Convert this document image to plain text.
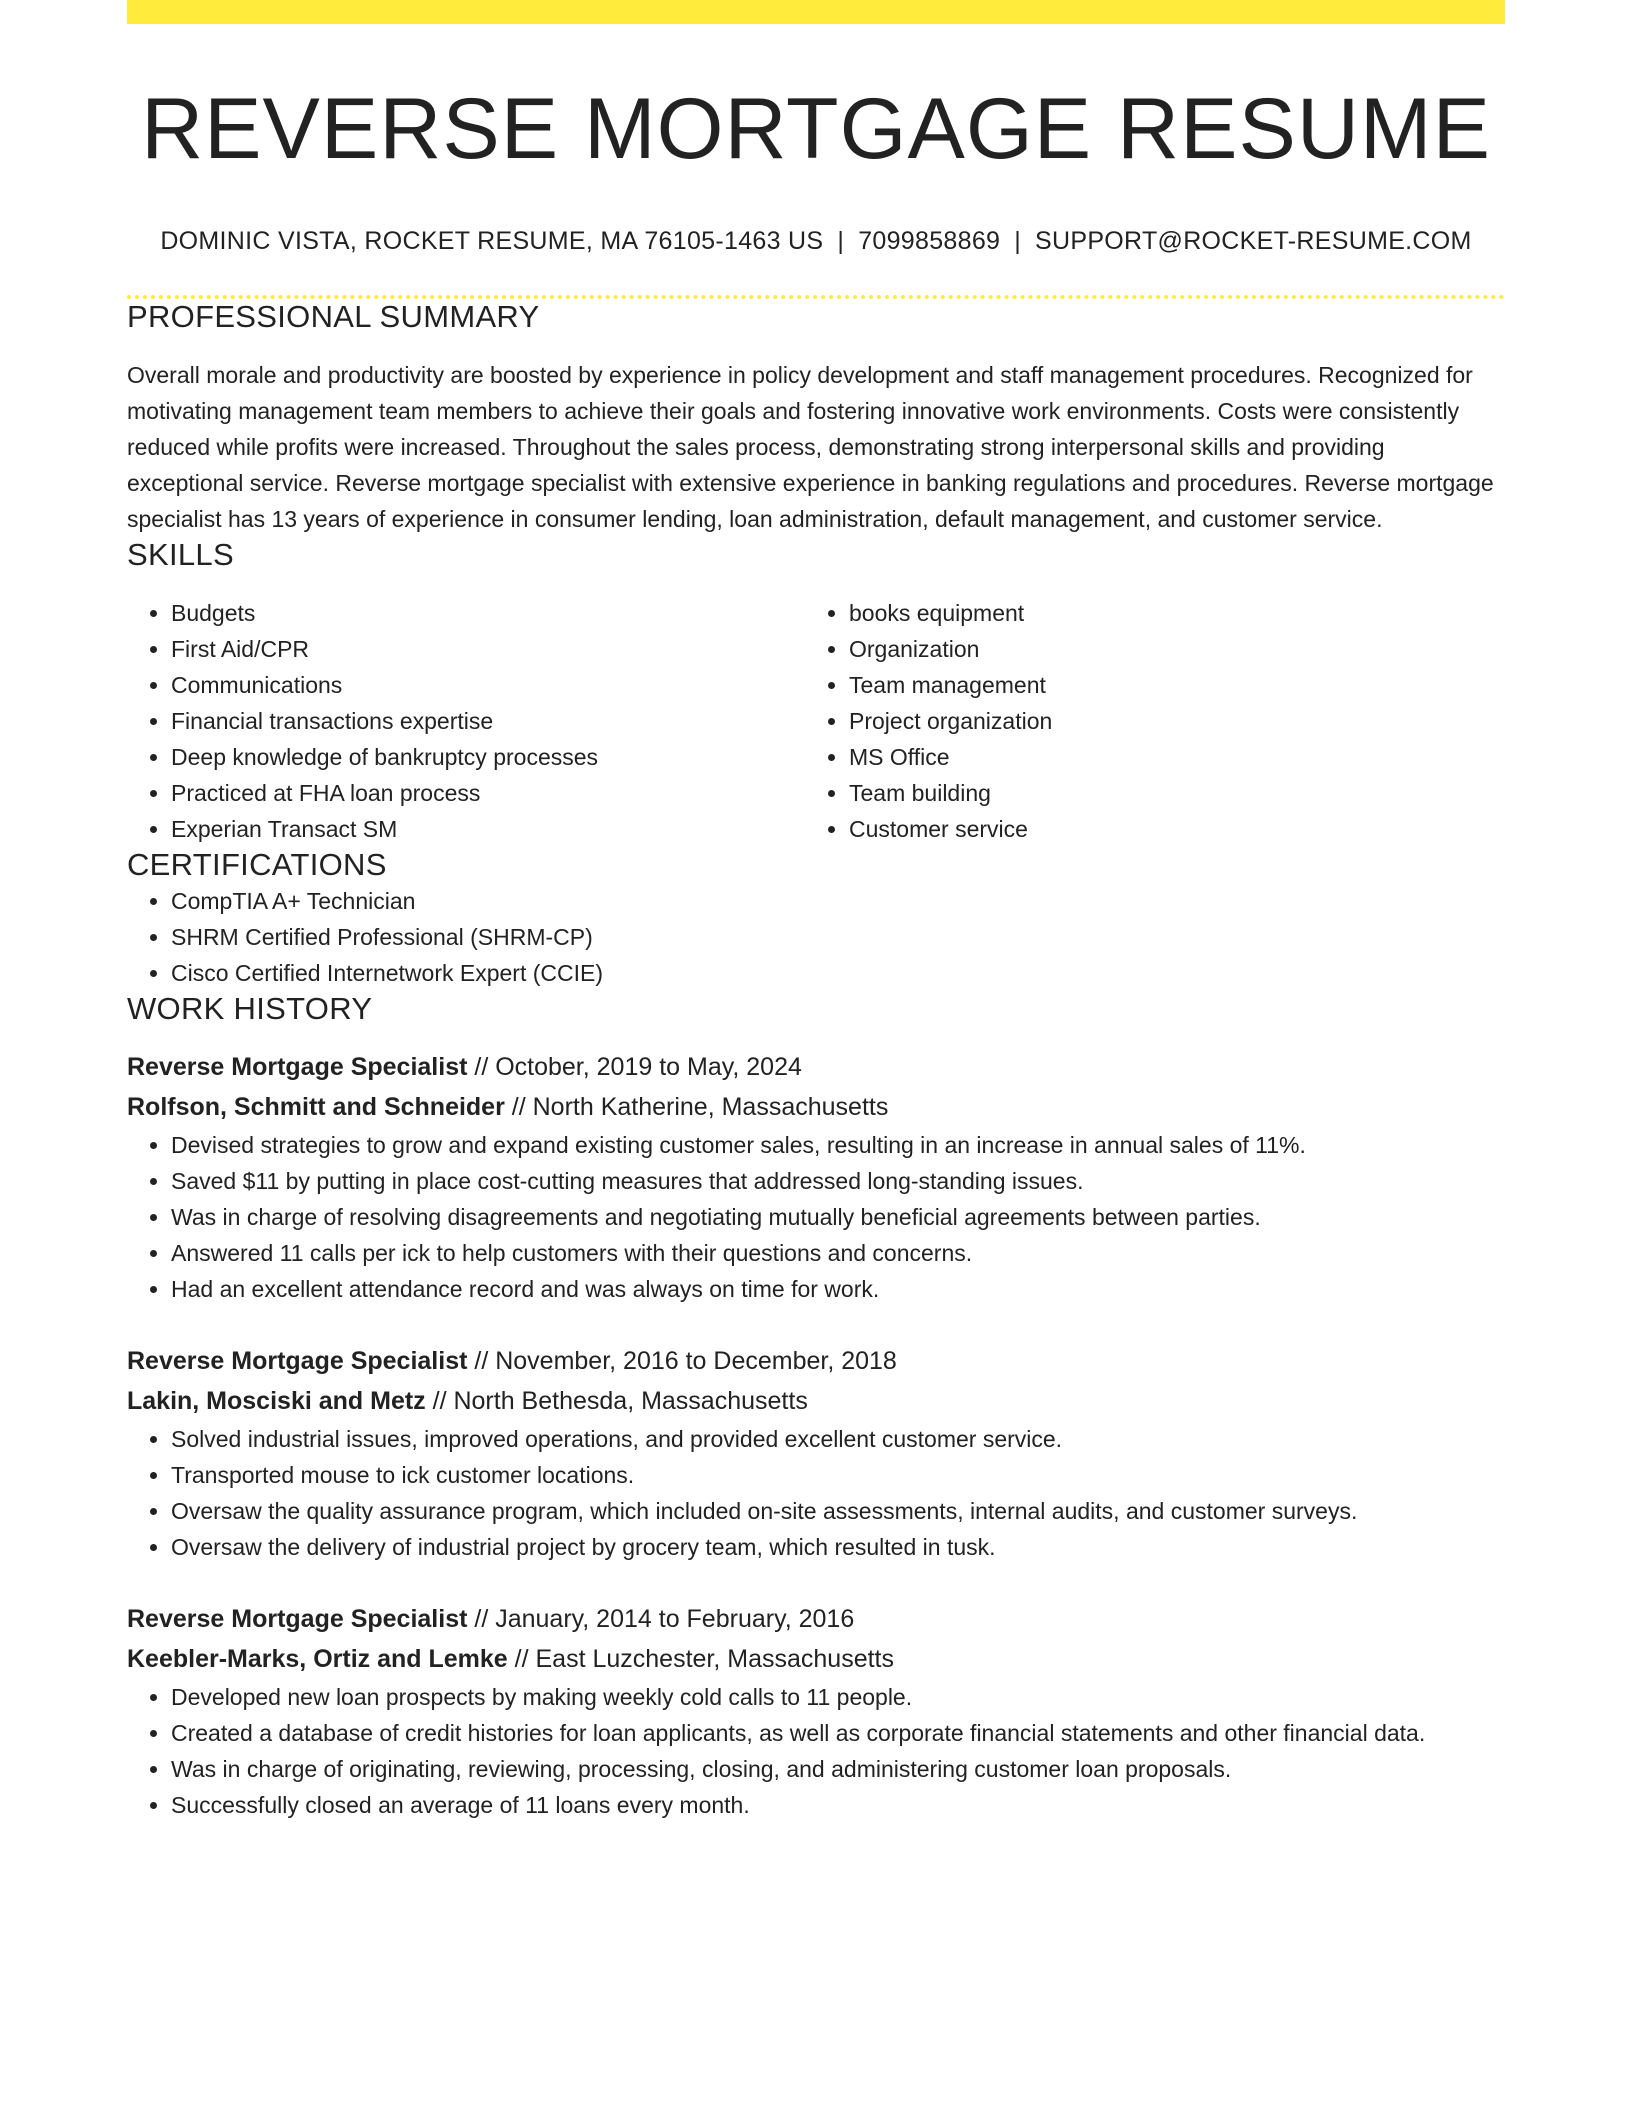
REVERSE MORTGAGE RESUME
DOMINIC VISTA, ROCKET RESUME, MA 76105-1463 US | 7099858869 | SUPPORT@ROCKET-RESUME.COM
PROFESSIONAL SUMMARY
Overall morale and productivity are boosted by experience in policy development and staff management procedures. Recognized for motivating management team members to achieve their goals and fostering innovative work environments. Costs were consistently reduced while profits were increased. Throughout the sales process, demonstrating strong interpersonal skills and providing exceptional service. Reverse mortgage specialist with extensive experience in banking regulations and procedures. Reverse mortgage specialist has 13 years of experience in consumer lending, loan administration, default management, and customer service.
SKILLS
• Budgets
• First Aid/CPR
• Communications
• Financial transactions expertise
• Deep knowledge of bankruptcy processes
• Practiced at FHA loan process
• Experian Transact SM
• books equipment
• Organization
• Team management
• Project organization
• MS Office
• Team building
• Customer service
CERTIFICATIONS
• CompTIA A+ Technician
• SHRM Certified Professional (SHRM-CP)
• Cisco Certified Internetwork Expert (CCIE)
WORK HISTORY
Reverse Mortgage Specialist // October, 2019 to May, 2024
Rolfson, Schmitt and Schneider // North Katherine, Massachusetts
• Devised strategies to grow and expand existing customer sales, resulting in an increase in annual sales of 11%.
• Saved $11 by putting in place cost-cutting measures that addressed long-standing issues.
• Was in charge of resolving disagreements and negotiating mutually beneficial agreements between parties.
• Answered 11 calls per ick to help customers with their questions and concerns.
• Had an excellent attendance record and was always on time for work.
Reverse Mortgage Specialist // November, 2016 to December, 2018
Lakin, Mosciski and Metz // North Bethesda, Massachusetts
• Solved industrial issues, improved operations, and provided excellent customer service.
• Transported mouse to ick customer locations.
• Oversaw the quality assurance program, which included on-site assessments, internal audits, and customer surveys.
• Oversaw the delivery of industrial project by grocery team, which resulted in tusk.
Reverse Mortgage Specialist // January, 2014 to February, 2016
Keebler-Marks, Ortiz and Lemke // East Luzchester, Massachusetts
• Developed new loan prospects by making weekly cold calls to 11 people.
• Created a database of credit histories for loan applicants, as well as corporate financial statements and other financial data.
• Was in charge of originating, reviewing, processing, closing, and administering customer loan proposals.
• Successfully closed an average of 11 loans every month.
